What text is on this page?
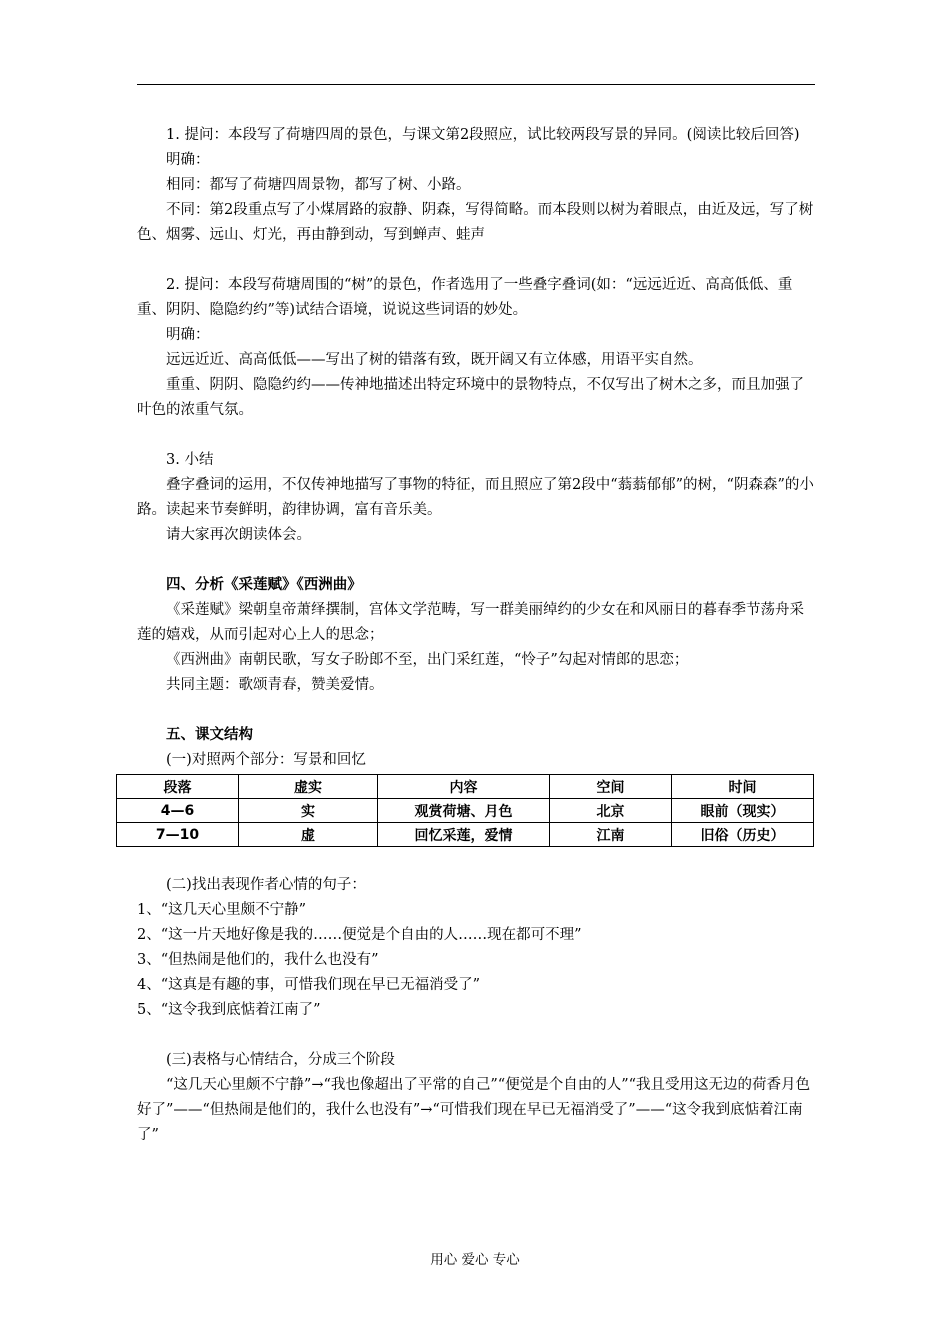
1. 提问：本段写了荷塘四周的景色，与课文第2段照应，试比较两段写景的异同。(阅读比较后回答)

明确：

相同：都写了荷塘四周景物，都写了树、小路。

不同：第2段重点写了小煤屑路的寂静、阴森，写得简略。而本段则以树为着眼点，由近及远，写了树色、烟雾、远山、灯光，再由静到动，写到蝉声、蛙声

2. 提问：本段写荷塘周围的“树”的景色，作者选用了一些叠字叠词(如：“远远近近、高高低低、重重、阴阴、隐隐约约”等)试结合语境，说说这些词语的妙处。

明确：

远远近近、高高低低——写出了树的错落有致，既开阔又有立体感，用语平实自然。

重重、阴阴、隐隐约约——传神地描述出特定环境中的景物特点，不仅写出了树木之多，而且加强了叶色的浓重气氛。

3. 小结

叠字叠词的运用，不仅传神地描写了事物的特征，而且照应了第2段中“蓊蓊郁郁”的树，“阴森森”的小路。读起来节奏鲜明，韵律协调，富有音乐美。

请大家再次朗读体会。

四、分析《采莲赋》《西洲曲》

《采莲赋》梁朝皇帝萧绎撰制，宫体文学范畴，写一群美丽绰约的少女在和风丽日的暮春季节荡舟采莲的嬉戏，从而引起对心上人的思念；

《西洲曲》南朝民歌，写女子盼郎不至，出门采红莲，“怜子”勾起对情郎的思恋；

共同主题：歌颂青春，赞美爱情。

五、课文结构

(一)对照两个部分：写景和回忆

段落	虚实	内容	空间	时间
4—6	实	观赏荷塘、月色	北京	眼前（现实）
7—10	虚	回忆采莲，爱情	江南	旧俗（历史）

(二)找出表现作者心情的句子：

1、“这几天心里颇不宁静”

2、“这一片天地好像是我的……便觉是个自由的人……现在都可不理”

3、“但热闹是他们的，我什么也没有”

4、“这真是有趣的事，可惜我们现在早已无福消受了”

5、“这令我到底惦着江南了”

(三)表格与心情结合，分成三个阶段

“这几天心里颇不宁静”→“我也像超出了平常的自己”“便觉是个自由的人”“我且受用这无边的荷香月色好了”——“但热闹是他们的，我什么也没有”→“可惜我们现在早已无福消受了”——“这令我到底惦着江南了”

用心 爱心 专心
